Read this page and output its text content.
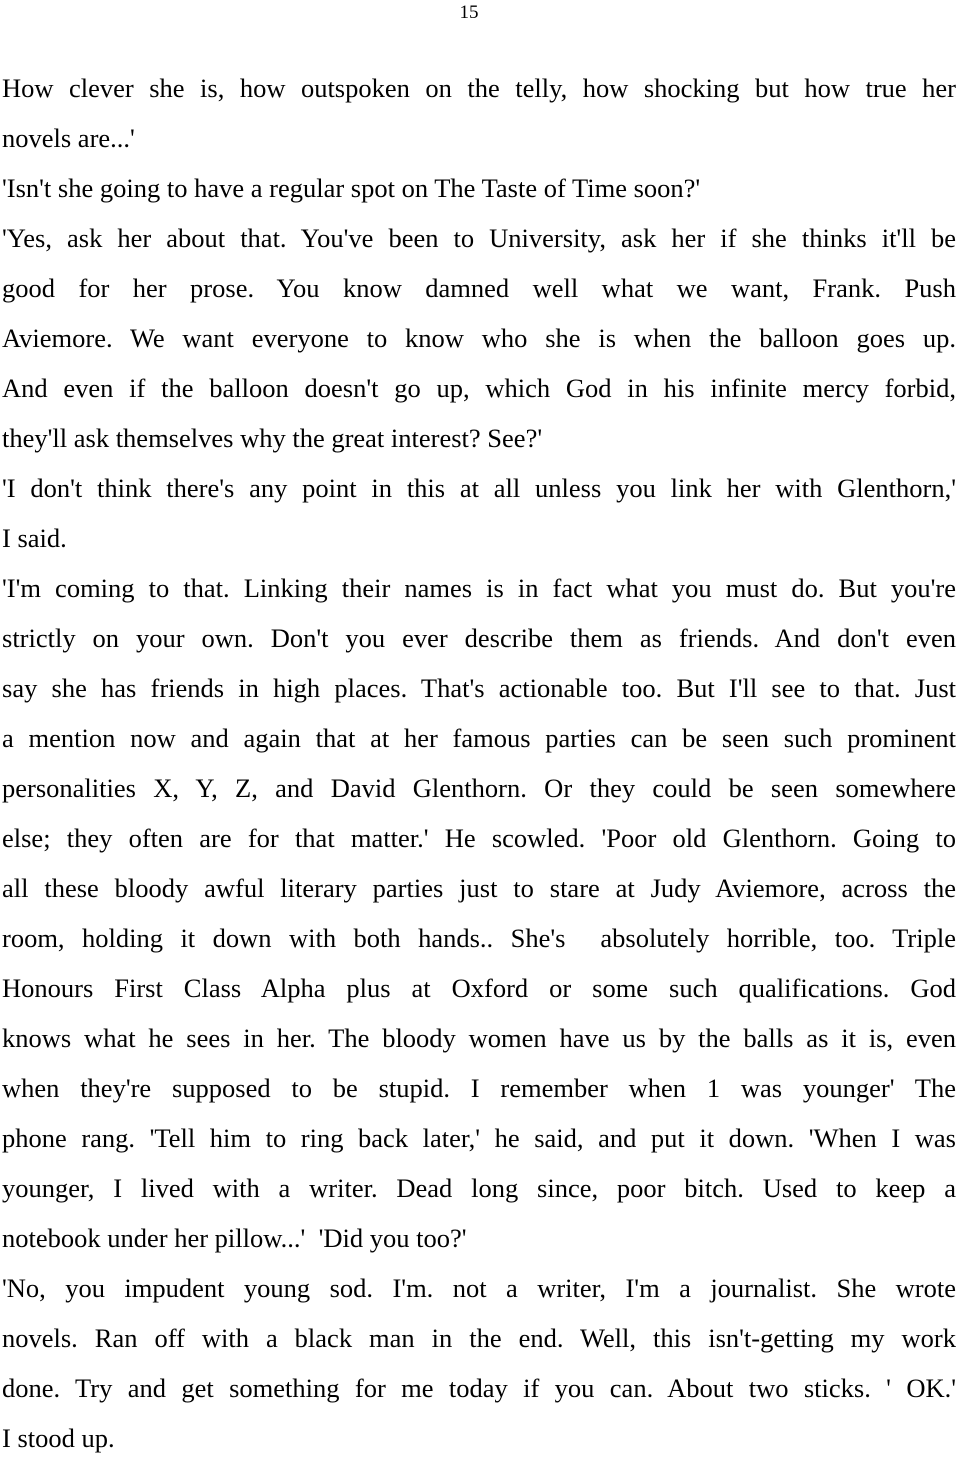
15
How clever she is, how outspoken on the telly, how shocking but how true her
novels are...'
'Isn't she going to have a regular spot on The Taste of Time soon?'
'Yes, ask her about that. You've been to University, ask her if she thinks it'll be
good for her prose. You know damned well what we want, Frank. Push
Aviemore. We want everyone to know who she is when the balloon goes up.
And even if the balloon doesn't go up, which God in his infinite mercy forbid,
they'll ask themselves why the great interest? See?'
'I don't think there's any point in this at all unless you link her with Glenthorn,'
I said.
'I'm coming to that. Linking their names is in fact what you must do. But you're
strictly on your own. Don't you ever describe them as friends. And don't even
say she has friends in high places. That's actionable too. But I'll see to that. Just
a mention now and again that at her famous parties can be seen such prominent
personalities X, Y, Z, and David Glenthorn. Or they could be seen somewhere
else; they often are for that matter.' He scowled. 'Poor old Glenthorn. Going to
all these bloody awful literary parties just to stare at Judy Aviemore, across the
room, holding it down with both hands.. She's  absolutely horrible, too. Triple
Honours First Class Alpha plus at Oxford or some such qualifications. God
knows what he sees in her. The bloody women have us by the balls as it is, even
when they're supposed to be stupid. I remember when 1 was younger' The
phone rang. 'Tell him to ring back later,' he said, and put it down. 'When I was
younger, I lived with a writer. Dead long since, poor bitch. Used to keep a
notebook under her pillow...'  'Did you too?'
'No, you impudent young sod. I'm. not a writer, I'm a journalist. She wrote
novels. Ran off with a black man in the end. Well, this isn't-getting my work
done. Try and get something for me today if you can. About two sticks. ' OK.'
I stood up.
